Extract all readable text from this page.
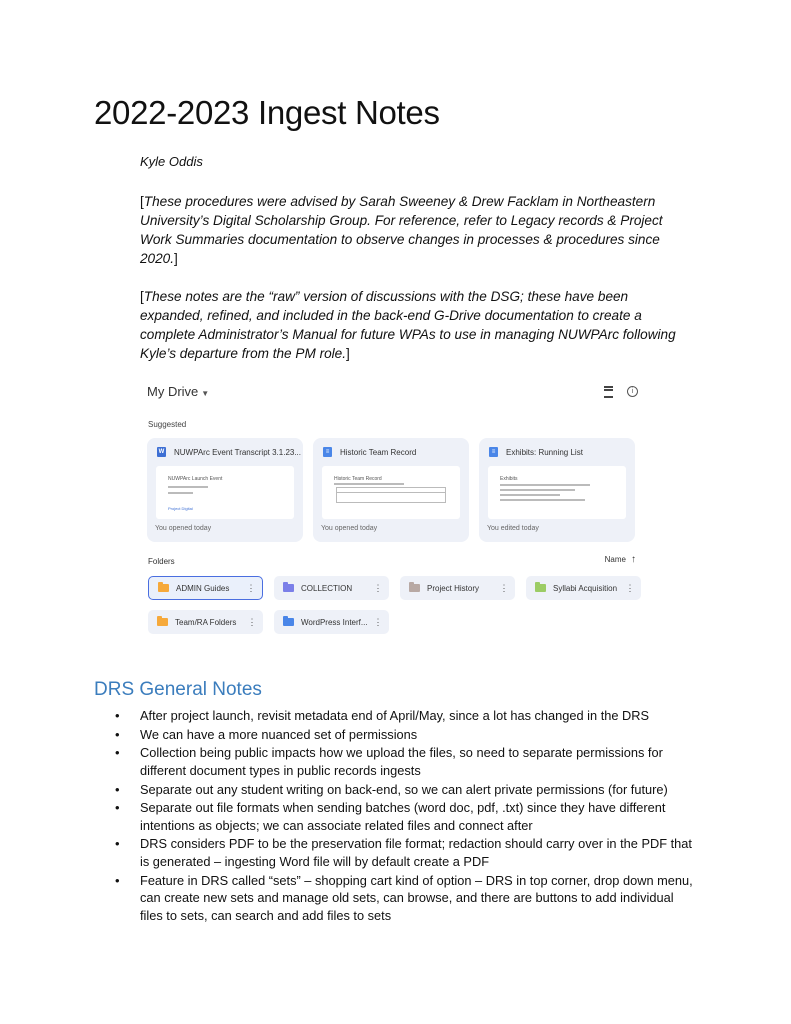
2022-2023 Ingest Notes

Kyle Oddis

[These procedures were advised by Sarah Sweeney & Drew Facklam in Northeastern University’s Digital Scholarship Group. For reference, refer to Legacy records & Project Work Summaries documentation to observe changes in processes & procedures since 2020.]

[These notes are the “raw” version of discussions with the DSG; these have been expanded, refined, and included in the back-end G-Drive documentation to create a complete Administrator’s Manual for future WPAs to use in managing NUWPArc following Kyle’s departure from the PM role.]

My Drive ▼	i
Suggested
W NUWPArc Event Transcript 3.1.23...
NUWPArc Launch Event
Project Digital
You opened today
≡	Historic Team Record
Historic Team Record
You opened today
≡	Exhibits: Running List
Exhibits
You edited today
Folders	Name ↑
ADMIN Guides	⋮	COLLECTION	⋮	Project History	⋮	Syllabi Acquisition ⋮
Team/RA Folders	⋮	WordPress Interf... ⋮
DRS General Notes
• After project launch, revisit metadata end of April/May, since a lot has changed in the DRS
• We can have a more nuanced set of permissions
• Collection being public impacts how we upload the files, so need to separate permissions for different document types in public records ingests
• Separate out any student writing on back-end, so we can alert private permissions (for future)
• Separate out file formats when sending batches (word doc, pdf, .txt) since they have different intentions as objects; we can associate related files and connect after
• DRS considers PDF to be the preservation file format; redaction should carry over in the PDF that is generated – ingesting Word file will by default create a PDF
• Feature in DRS called “sets” – shopping cart kind of option – DRS in top corner, drop down menu, can create new sets and manage old sets, can browse, and there are buttons to add individual files to sets, can search and add files to sets
